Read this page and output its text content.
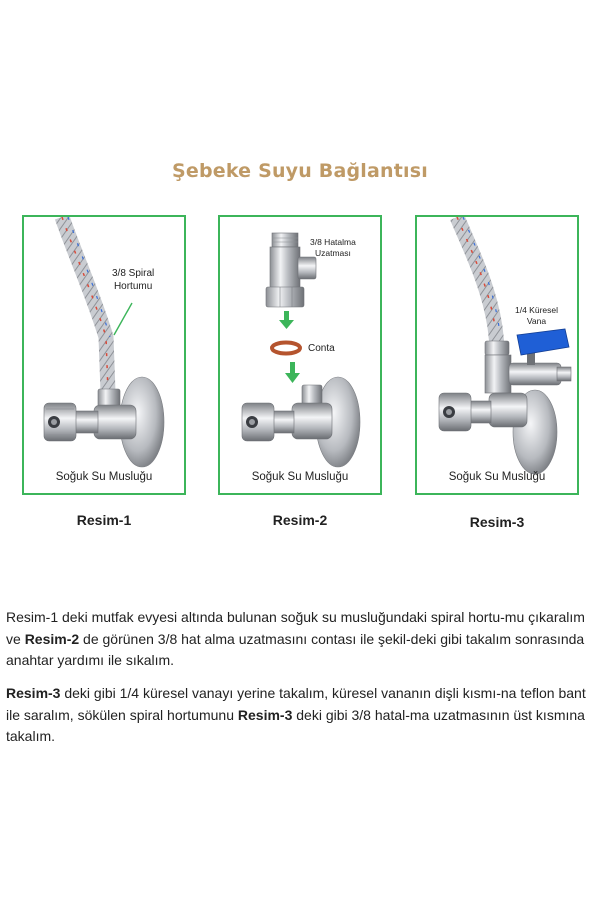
Şebeke Suyu Bağlantısı
3/8 Spiral
Hortumu
Soğuk Su Musluğu
3/8 Hatalma
Uzatması
Conta
Soğuk Su Musluğu
1/4 Küresel
Vana
Soğuk Su Musluğu
Resim-1	Resim-2	Resim-3
Resim-1 deki mutfak evyesi altında bulunan soğuk su musluğundaki spiral hortu-mu çıkaralım ve Resim-2 de görünen 3/8 hat alma uzatmasını contası ile şekil-deki gibi takalım sonrasında anahtar yardımı ile sıkalım.
Resim-3 deki gibi 1/4 küresel vanayı yerine takalım, küresel vananın dişli kısmı-na teflon bant ile saralım, sökülen spiral hortumunu Resim-3 deki gibi 3/8 hatal-ma uzatmasının üst kısmına takalım.
